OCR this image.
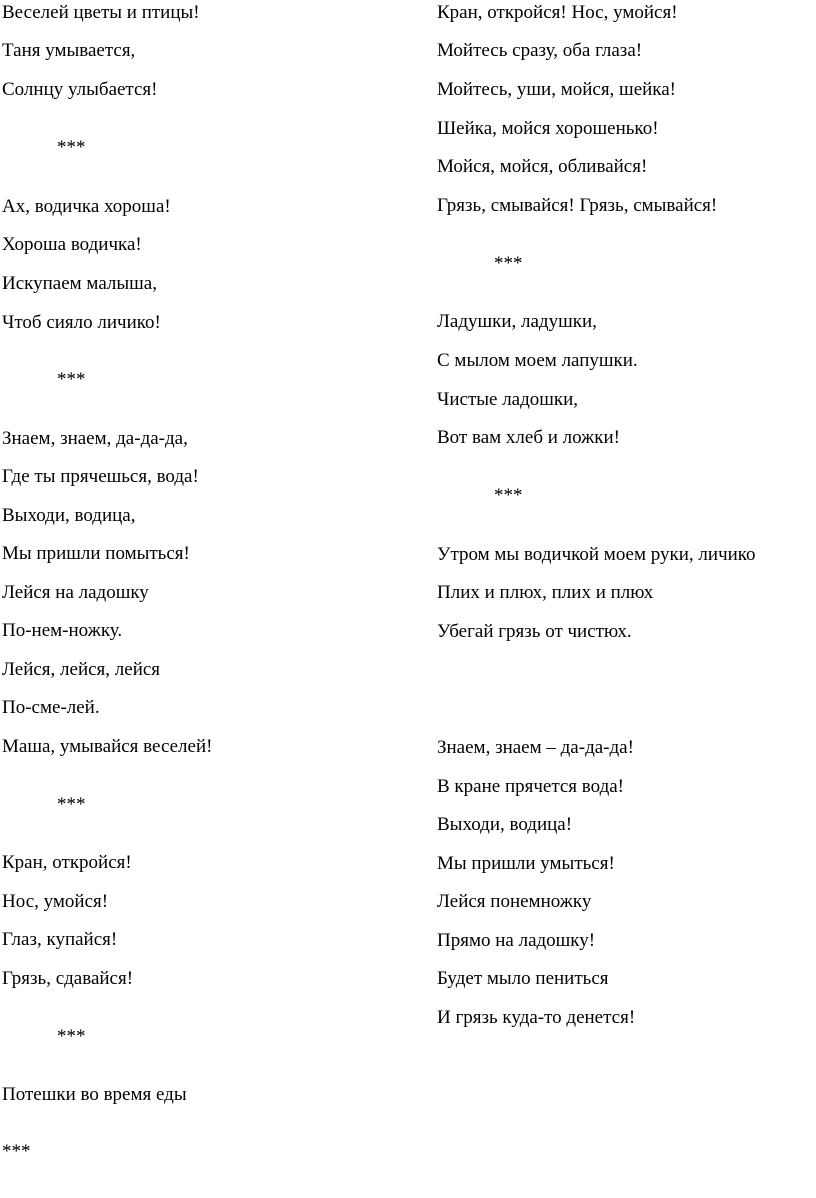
Веселей цветы и птицы!
Таня умывается,
Солнцу улыбается!
***
Ах, водичка хороша!
Хороша водичка!
Искупаем малыша,
Чтоб сияло личико!
***
Знаем, знаем, да-да-да,
Где ты прячешься, вода!
Выходи, водица,
Мы пришли помыться!
Лейся на ладошку
По-нем-ножку.
Лейся, лейся, лейся
По-сме-лей.
Маша, умывайся веселей!
***
Кран, откройся!
Нос, умойся!
Глаз, купайся!
Грязь, сдавайся!
***
Потешки во время еды
***
Кран, откройся! Нос, умойся!
Мойтесь сразу, оба глаза!
Мойтесь, уши, мойся, шейка!
Шейка, мойся хорошенько!
Мойся, мойся, обливайся!
Грязь, смывайся! Грязь, смывайся!
***
Ладушки, ладушки,
С мылом моем лапушки.
Чистые ладошки,
Вот вам хлеб и ложки!
***
Утром мы водичкой моем руки, личико
Плих и плюх, плих и плюх
Убегай грязь от чистюх.
Знаем, знаем – да-да-да!
В кране прячется вода!
Выходи, водица!
Мы пришли умыться!
Лейся понемножку
Прямо на ладошку!
Будет мыло пениться
И грязь куда-то денется!
